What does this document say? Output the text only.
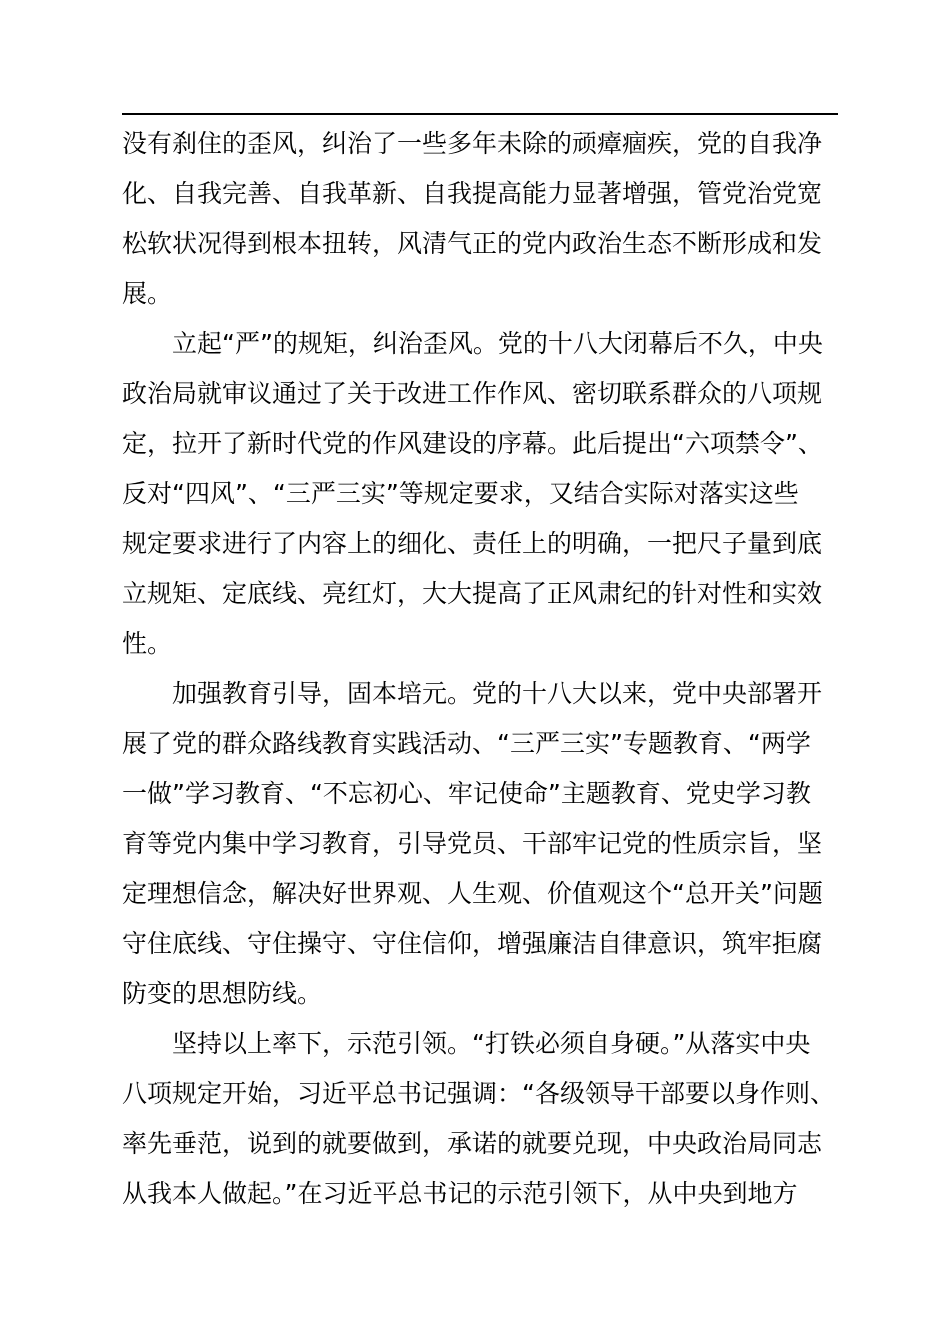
没有刹住的歪风，纠治了一些多年未除的顽瘴痼疾，党的自我净
化、自我完善、自我革新、自我提高能力显著增强，管党治党宽
松软状况得到根本扭转，风清气正的党内政治生态不断形成和发
展。
立起“严”的规矩，纠治歪风。党的十八大闭幕后不久，中央
政治局就审议通过了关于改进工作作风、密切联系群众的八项规
定，拉开了新时代党的作风建设的序幕。此后提出“六项禁令”、
反对“四风”、“三严三实”等规定要求，又结合实际对落实这些
规定要求进行了内容上的细化、责任上的明确，一把尺子量到底
立规矩、定底线、亮红灯，大大提高了正风肃纪的针对性和实效
性。
加强教育引导，固本培元。党的十八大以来，党中央部署开
展了党的群众路线教育实践活动、“三严三实”专题教育、“两学
一做”学习教育、“不忘初心、牢记使命”主题教育、党史学习教
育等党内集中学习教育，引导党员、干部牢记党的性质宗旨，坚
定理想信念，解决好世界观、人生观、价值观这个“总开关”问题
守住底线、守住操守、守住信仰，增强廉洁自律意识，筑牢拒腐
防变的思想防线。
坚持以上率下，示范引领。“打铁必须自身硬。”从落实中央
八项规定开始，习近平总书记强调：“各级领导干部要以身作则、
率先垂范，说到的就要做到，承诺的就要兑现，中央政治局同志
从我本人做起。”在习近平总书记的示范引领下，从中央到地方
